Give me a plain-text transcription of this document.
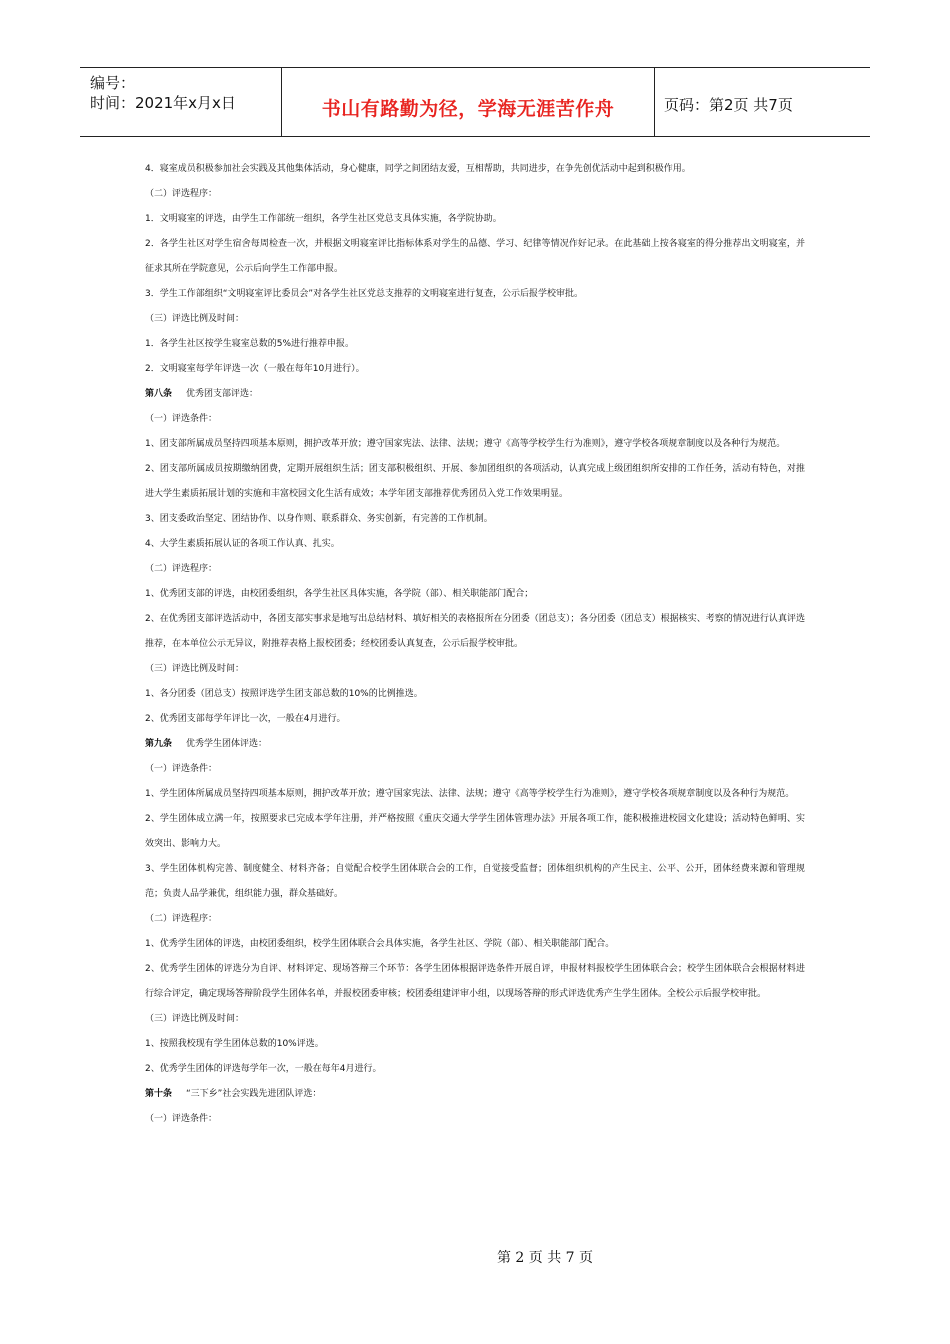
编号：
时间：2021年x月x日	书山有路勤为径，学海无涯苦作舟	页码：第2页 共7页

4．寝室成员积极参加社会实践及其他集体活动，身心健康，同学之间团结友爱，互相帮助，共同进步，在争先创优活动中起到积极作用。

（二）评选程序：

1．文明寝室的评选，由学生工作部统一组织，各学生社区党总支具体实施，各学院协助。

2．各学生社区对学生宿舍每周检查一次，并根据文明寝室评比指标体系对学生的品德、学习、纪律等情况作好记录。在此基础上按各寝室的得分推荐出文明寝室，并征求其所在学院意见，公示后向学生工作部申报。

3．学生工作部组织“文明寝室评比委员会”对各学生社区党总支推荐的文明寝室进行复查，公示后报学校审批。

（三）评选比例及时间：

1．各学生社区按学生寝室总数的5%进行推荐申报。

2．文明寝室每学年评选一次（一般在每年10月进行）。

第八条 优秀团支部评选：

（一）评选条件：

1、团支部所属成员坚持四项基本原则，拥护改革开放；遵守国家宪法、法律、法规；遵守《高等学校学生行为准则》，遵守学校各项规章制度以及各种行为规范。

2、团支部所属成员按期缴纳团费，定期开展组织生活；团支部积极组织、开展、参加团组织的各项活动，认真完成上级团组织所安排的工作任务，活动有特色，对推进大学生素质拓展计划的实施和丰富校园文化生活有成效；本学年团支部推荐优秀团员入党工作效果明显。

3、团支委政治坚定、团结协作、以身作则、联系群众、务实创新，有完善的工作机制。

4、大学生素质拓展认证的各项工作认真、扎实。

（二）评选程序：

1、优秀团支部的评选，由校团委组织，各学生社区具体实施，各学院（部）、相关职能部门配合；

2、在优秀团支部评选活动中，各团支部实事求是地写出总结材料、填好相关的表格报所在分团委（团总支）；各分团委（团总支）根据核实、考察的情况进行认真评选推荐，在本单位公示无异议，附推荐表格上报校团委；经校团委认真复查，公示后报学校审批。

（三）评选比例及时间：

1、各分团委（团总支）按照评选学生团支部总数的10%的比例推选。

2、优秀团支部每学年评比一次，一般在4月进行。

第九条 优秀学生团体评选：

（一）评选条件：

1、学生团体所属成员坚持四项基本原则，拥护改革开放；遵守国家宪法、法律、法规；遵守《高等学校学生行为准则》，遵守学校各项规章制度以及各种行为规范。

2、学生团体成立满一年，按照要求已完成本学年注册，并严格按照《重庆交通大学学生团体管理办法》开展各项工作，能积极推进校园文化建设；活动特色鲜明、实效突出、影响力大。

3、学生团体机构完善、制度健全、材料齐备；自觉配合校学生团体联合会的工作，自觉接受监督；团体组织机构的产生民主、公平、公开，团体经费来源和管理规范；负责人品学兼优，组织能力强，群众基础好。

（二）评选程序：

1、优秀学生团体的评选，由校团委组织，校学生团体联合会具体实施，各学生社区、学院（部）、相关职能部门配合。

2、优秀学生团体的评选分为自评、材料评定、现场答辩三个环节：各学生团体根据评选条件开展自评，申报材料报校学生团体联合会；校学生团体联合会根据材料进行综合评定，确定现场答辩阶段学生团体名单，并报校团委审核；校团委组建评审小组，以现场答辩的形式评选优秀产生学生团体。全校公示后报学校审批。

（三）评选比例及时间：

1、按照我校现有学生团体总数的10%评选。

2、优秀学生团体的评选每学年一次，一般在每年4月进行。

第十条 “三下乡”社会实践先进团队评选：

（一）评选条件：

第 2 页 共 7 页
